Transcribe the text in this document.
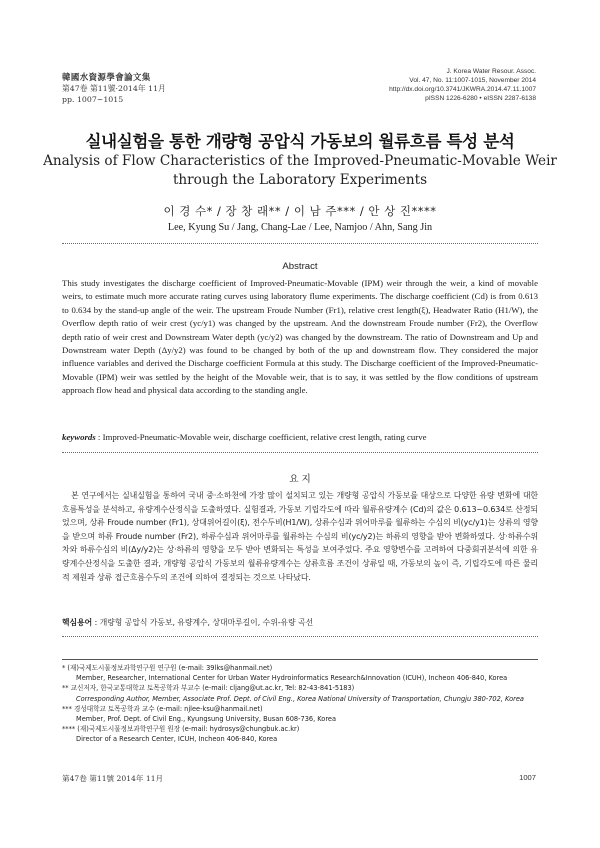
韓國水資源學會論文集
第47卷 第11號·2014年 11月
pp. 1007~1015
J. Korea Water Resour. Assoc.
Vol. 47, No. 11:1007-1015, November 2014
http://dx.doi.org/10.3741/JKWRA.2014.47.11.1007
pISSN 1226-6280 • eISSN 2287-6138
실내실험을 통한 개량형 공압식 가동보의 월류흐름 특성 분석
Analysis of Flow Characteristics of the Improved-Pneumatic-Movable Weir
through the Laboratory Experiments
이 경 수* / 장 창 래** / 이 남 주*** / 안 상 진****
Lee, Kyung Su / Jang, Chang-Lae / Lee, Namjoo / Ahn, Sang Jin
Abstract
This study investigates the discharge coefficient of Improved-Pneumatic-Movable (IPM) weir through the weir, a kind of movable weirs, to estimate much more accurate rating curves using laboratory flume experiments. The discharge coefficient (Cd) is from 0.613 to 0.634 by the stand-up angle of the weir. The upstream Froude Number (Fr1), relative crest length(ξ), Headwater Ratio (H1/W), the Overflow depth ratio of weir crest (yc/y1) was changed by the upstream. And the downstream Froude number (Fr2), the Overflow depth ratio of weir crest and Downstream Water depth (yc/y2) was changed by the downstream. The ratio of Downstream and Up and Downstream water Depth (Δy/y2) was found to be changed by both of the up and downstream flow. They considered the major influence variables and derived the Discharge coefficient Formula at this study. The Discharge coefficient of the Improved-Pneumatic-Movable (IPM) weir was settled by the height of the Movable weir, that is to say, it was settled by the flow conditions of upstream approach flow head and physical data according to the standing angle.
keywords : Improved-Pneumatic-Movable weir, discharge coefficient, relative crest length, rating curve
요 지
본 연구에서는 실내실험을 통하여 국내 중·소하천에 가장 많이 설치되고 있는 개량형 공압식 가동보를 대상으로 다양한 유량 변화에 대한 흐름특성을 분석하고, 유량계수산정식을 도출하였다. 실험결과, 가동보 기립각도에 따라 월류유량계수 (Cd)의 값은 0.613~0.634로 산정되었으며, 상류 Froude number (Fr1), 상대위어길이(ξ), 전수두비(H1/W), 상류수심과 위어마루를 월류하는 수심의 비(yc/y1)는 상류의 영향을 받으며 하류 Froude number (Fr2), 하류수심과 위어마루를 월류하는 수심의 비(yc/y2)는 하류의 영향을 받아 변화하였다. 상·하류수위차와 하류수심의 비(Δy/y2)는 상·하류의 영향을 모두 받아 변화되는 특성을 보여주었다. 주요 영향변수를 고려하여 다중회귀분석에 의한 유량계수산정식을 도출한 결과, 개량형 공압식 가동보의 월류유량계수는 상류흐름 조건이 상류일 때, 가동보의 높이 즉, 기립각도에 따른 물리적 제원과 상류 접근흐름수두의 조건에 의하여 결정되는 것으로 나타났다.
핵심용어 : 개량형 공압식 가동보, 유량계수, 상대마루길이, 수위-유량 곡선
* (재)국제도시물정보과학연구원 연구원 (e-mail: 39lks@hanmail.net)
Member, Researcher, International Center for Urban Water Hydroinformatics Research&Innovation (ICUH), Incheon 406-840, Korea
** 교신저자, 한국교통대학교 토목공학과 부교수 (e-mail: cljang@ut.ac.kr, Tel: 82-43-841-5183)
Corresponding Author, Member, Associate Prof. Dept. of Civil Eng., Korea National University of Transportation, Chungju 380-702, Korea
*** 경성대학교 토목공학과 교수 (e-mail: njlee-ksu@hanmail.net)
Member, Prof. Dept. of Civil Eng., Kyungsung University, Busan 608-736, Korea
**** (재)국제도시물정보과학연구원 원장 (e-mail: hydrosys@chungbuk.ac.kr)
Director of a Research Center, ICUH, Incheon 406-840, Korea
第47卷 第11號 2014年 11月	1007
